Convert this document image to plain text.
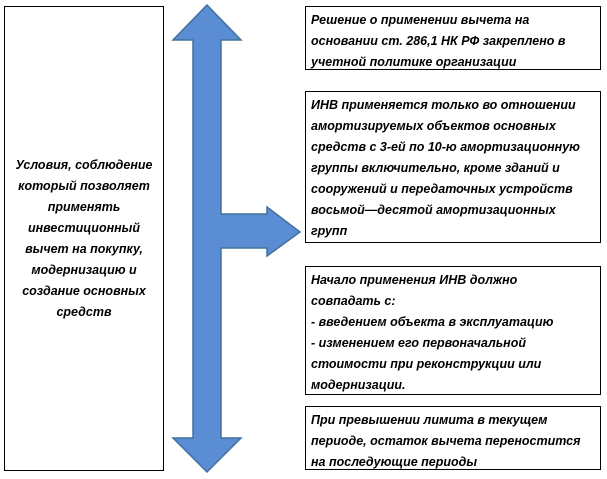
Условия, соблюдение
который позволяет
применять
инвестиционный
вычет на покупку,
модернизацию и
создание основных
средств
Решение о применении вычета на
основании ст. 286,1 НК РФ закреплено в
учетной политике организации
ИНВ применяется только во отношении
амортизируемых объектов основных
средств с 3-ей по 10-ю амортизационную
группы включительно, кроме зданий и
сооружений и передаточных устройств
восьмой—десятой амортизационных
групп
Начало применения ИНВ должно
совпадать с:
- введением объекта в эксплуатацию
- изменением его первоначальной
стоимости при реконструкции или
модернизации.
При превышении лимита в текущем
периоде, остаток вычета переностится
на последующие периоды
